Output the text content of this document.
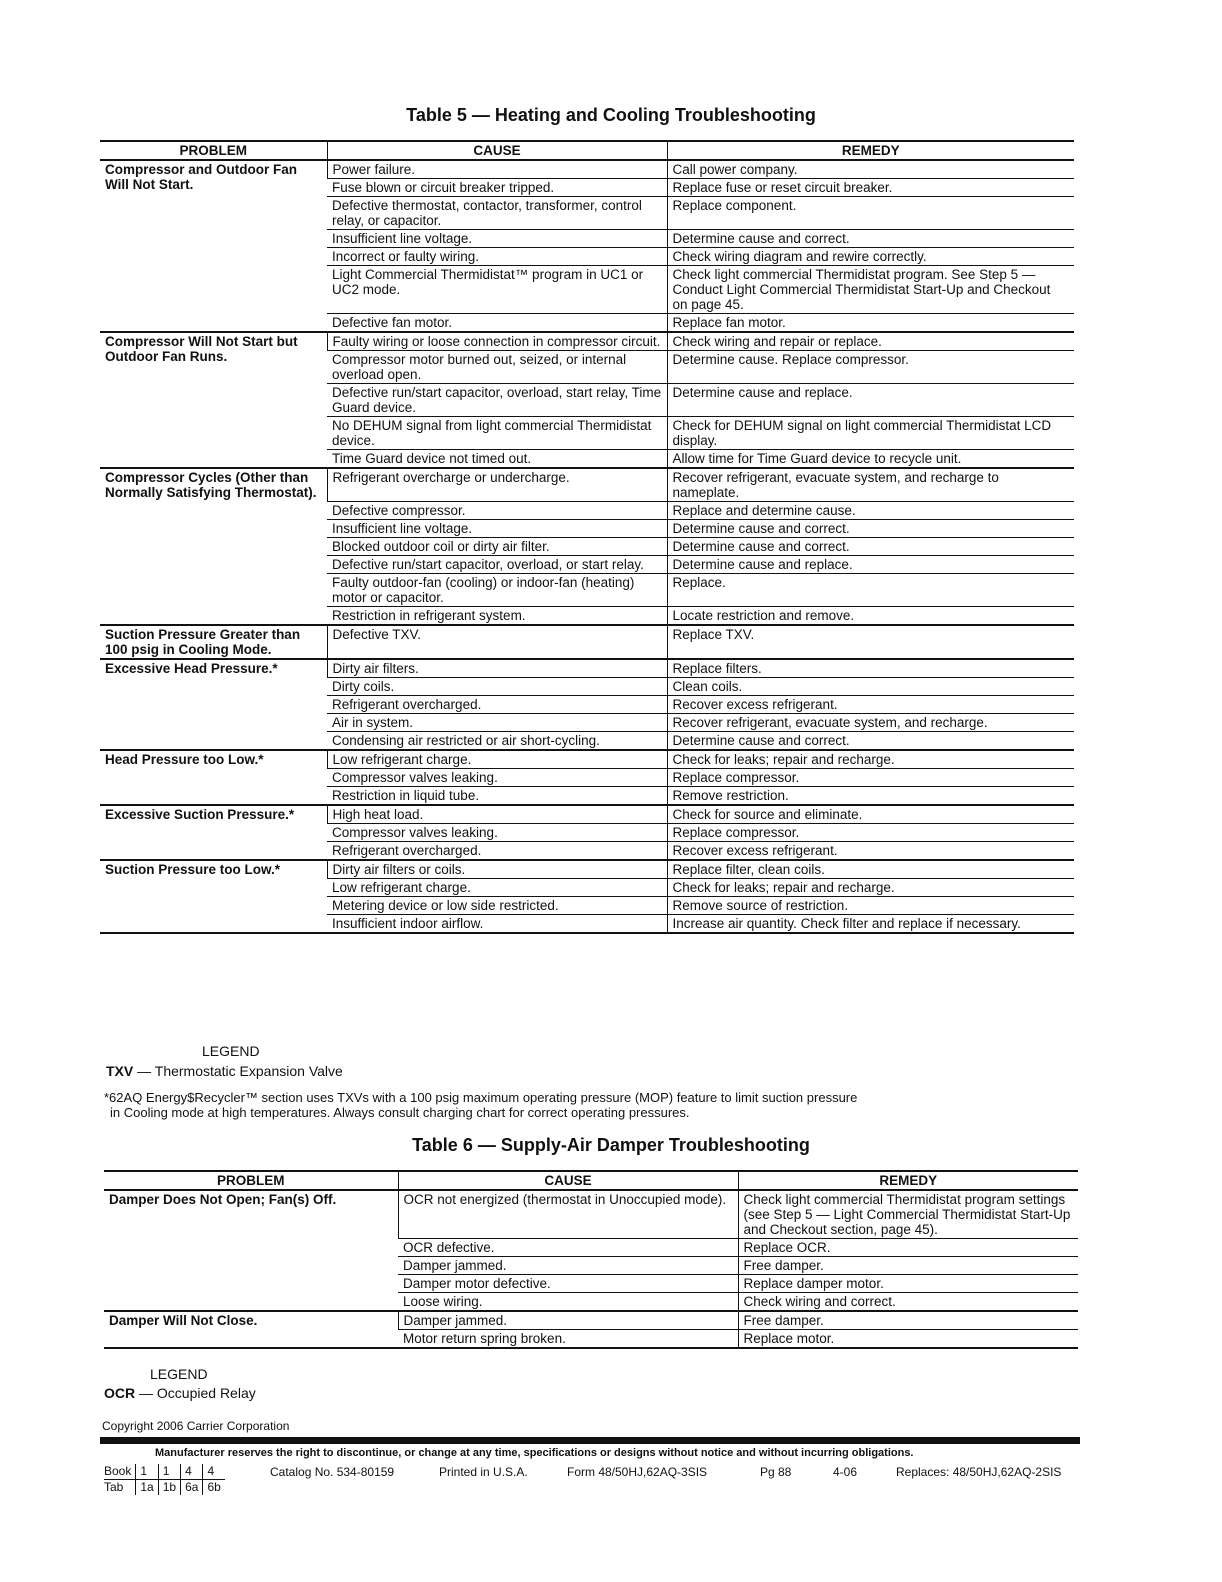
Table 5 — Heating and Cooling Troubleshooting
PROBLEM	CAUSE	REMEDY
Compressor and Outdoor Fan Will Not Start.	Power failure.	Call power company.
	Fuse blown or circuit breaker tripped.	Replace fuse or reset circuit breaker.
	Defective thermostat, contactor, transformer, control relay, or capacitor.	Replace component.
	Insufficient line voltage.	Determine cause and correct.
	Incorrect or faulty wiring.	Check wiring diagram and rewire correctly.
	Light Commercial Thermidistat™ program in UC1 or UC2 mode.	Check light commercial Thermidistat program. See Step 5 — Conduct Light Commercial Thermidistat Start-Up and Checkout on page 45.
	Defective fan motor.	Replace fan motor.
Compressor Will Not Start but Outdoor Fan Runs.	Faulty wiring or loose connection in compressor circuit.	Check wiring and repair or replace.
	Compressor motor burned out, seized, or internal overload open.	Determine cause. Replace compressor.
	Defective run/start capacitor, overload, start relay, Time Guard device.	Determine cause and replace.
	No DEHUM signal from light commercial Thermidistat device.	Check for DEHUM signal on light commercial Thermidistat LCD display.
	Time Guard device not timed out.	Allow time for Time Guard device to recycle unit.
Compressor Cycles (Other than Normally Satisfying Thermostat).	Refrigerant overcharge or undercharge.	Recover refrigerant, evacuate system, and recharge to nameplate.
	Defective compressor.	Replace and determine cause.
	Insufficient line voltage.	Determine cause and correct.
	Blocked outdoor coil or dirty air filter.	Determine cause and correct.
	Defective run/start capacitor, overload, or start relay.	Determine cause and replace.
	Faulty outdoor-fan (cooling) or indoor-fan (heating) motor or capacitor.	Replace.
	Restriction in refrigerant system.	Locate restriction and remove.
Suction Pressure Greater than 100 psig in Cooling Mode.	Defective TXV.	Replace TXV.
Excessive Head Pressure.*	Dirty air filters.	Replace filters.
	Dirty coils.	Clean coils.
	Refrigerant overcharged.	Recover excess refrigerant.
	Air in system.	Recover refrigerant, evacuate system, and recharge.
	Condensing air restricted or air short-cycling.	Determine cause and correct.
Head Pressure too Low.*	Low refrigerant charge.	Check for leaks; repair and recharge.
	Compressor valves leaking.	Replace compressor.
	Restriction in liquid tube.	Remove restriction.
Excessive Suction Pressure.*	High heat load.	Check for source and eliminate.
	Compressor valves leaking.	Replace compressor.
	Refrigerant overcharged.	Recover excess refrigerant.
Suction Pressure too Low.*	Dirty air filters or coils.	Replace filter, clean coils.
	Low refrigerant charge.	Check for leaks; repair and recharge.
	Metering device or low side restricted.	Remove source of restriction.
	Insufficient indoor airflow.	Increase air quantity. Check filter and replace if necessary.
LEGEND
TXV — Thermostatic Expansion Valve
*62AQ Energy$Recycler™ section uses TXVs with a 100 psig maximum operating pressure (MOP) feature to limit suction pressure
in Cooling mode at high temperatures. Always consult charging chart for correct operating pressures.
Table 6 — Supply-Air Damper Troubleshooting
PROBLEM	CAUSE	REMEDY
Damper Does Not Open; Fan(s) Off.	OCR not energized (thermostat in Unoccupied mode).	Check light commercial Thermidistat program settings (see Step 5 — Light Commercial Thermidistat Start-Up and Checkout section, page 45).
	OCR defective.	Replace OCR.
	Damper jammed.	Free damper.
	Damper motor defective.	Replace damper motor.
	Loose wiring.	Check wiring and correct.
Damper Will Not Close.	Damper jammed.	Free damper.
	Motor return spring broken.	Replace motor.
LEGEND
OCR — Occupied Relay
Copyright 2006 Carrier Corporation
Manufacturer reserves the right to discontinue, or change at any time, specifications or designs without notice and without incurring obligations.
Book	1	1	4	4
Tab	1a	1b	6a	6b
Catalog No. 534-80159	Printed in U.S.A.	Form 48/50HJ,62AQ-3SIS	Pg 88	4-06	Replaces: 48/50HJ,62AQ-2SIS
